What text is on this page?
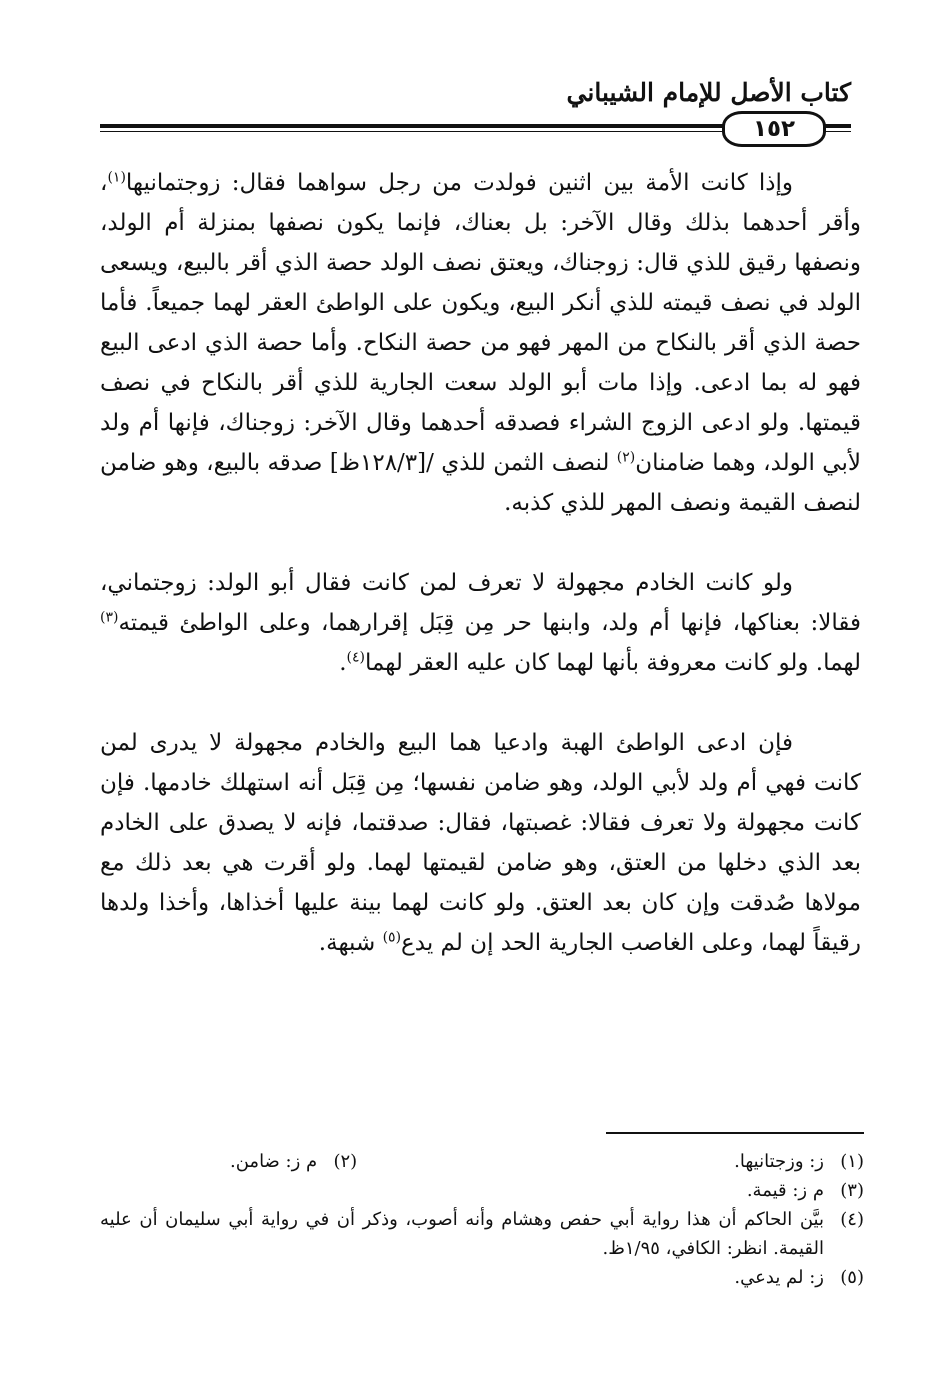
كتاب الأصل للإمام الشيباني
١٥٢

وإذا كانت الأمة بين اثنين فولدت من رجل سواهما فقال: زوجتمانيها$^{(١)}$، وأقر أحدهما بذلك وقال الآخر: بل بعناك، فإنما يكون نصفها بمنزلة أم الولد، ونصفها رقيق للذي قال: زوجناك، ويعتق نصف الولد حصة الذي أقر بالبيع، ويسعى الولد في نصف قيمته للذي أنكر البيع، ويكون على الواطئ العقر لهما جميعاً. فأما حصة الذي أقر بالنكاح من المهر فهو من حصة النكاح. وأما حصة الذي ادعى البيع فهو له بما ادعى. وإذا مات أبو الولد سعت الجارية للذي أقر بالنكاح في نصف قيمتها. ولو ادعى الزوج الشراء فصدقه أحدهما وقال الآخر: زوجناك، فإنها أم ولد لأبي الولد، وهما ضامنان$^{(٢)}$ لنصف الثمن للذي /[١٢٨/٣ظ] صدقه بالبيع، وهو ضامن لنصف القيمة ونصف المهر للذي كذبه.

ولو كانت الخادم مجهولة لا تعرف لمن كانت فقال أبو الولد: زوجتماني، فقالا: بعناكها، فإنها أم ولد، وابنها حر مِن قِبَل إقرارهما، وعلى الواطئ قيمته$^{(٣)}$ لهما. ولو كانت معروفة بأنها لهما كان عليه العقر لهما$^{(٤)}$.

فإن ادعى الواطئ الهبة وادعيا هما البيع والخادم مجهولة لا يدرى لمن كانت فهي أم ولد لأبي الولد، وهو ضامن نفسها؛ مِن قِبَل أنه استهلك خادمها. فإن كانت مجهولة ولا تعرف فقالا: غصبتها، فقال: صدقتما، فإنه لا يصدق على الخادم بعد الذي دخلها من العتق، وهو ضامن لقيمتها لهما. ولو أقرت هي بعد ذلك مع مولاها صُدقت وإن كان بعد العتق. ولو كانت لهما بينة عليها أخذاها، وأخذا ولدها رقيقاً لهما، وعلى الغاصب الجارية الحد إن لم يدع$^{(٥)}$ شبهة.

(١)
ز: وزجتانيها.
(٢)
م ز: ضامن.
(٣)
م ز: قيمة.
(٤)
بيَّن الحاكم أن هذا رواية أبي حفص وهشام وأنه أصوب، وذكر أن في رواية أبي سليمان أن عليه القيمة. انظر: الكافي، ١/٩٥ظ.
(٥)
ز: لم يدعي.
